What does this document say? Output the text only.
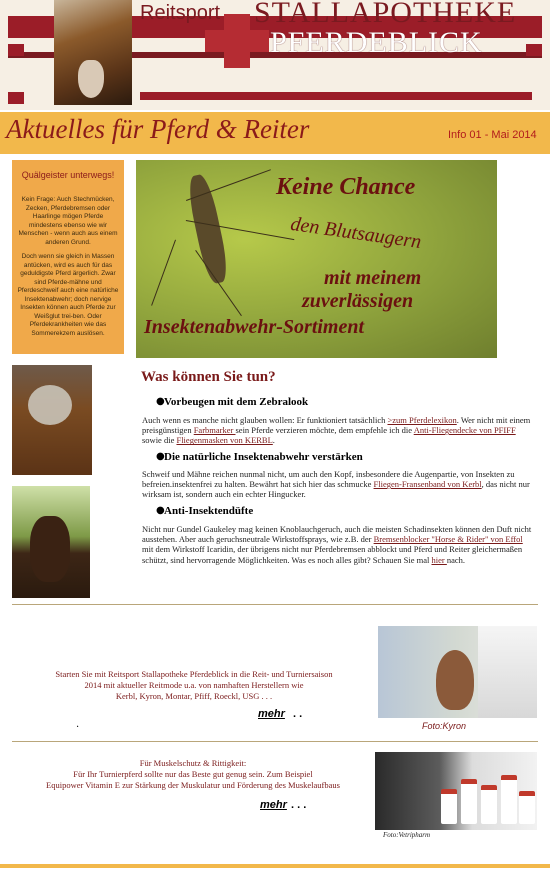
Reitsport STALLAPOTHEKE
PFERDEBLICK
Aktuelles für Pferd & Reiter	Info 01 - Mai 2014
Quälgeister unterwegs!
Kein Frage: Auch Stechmücken, Zecken, Pferdebremsen oder Haarlinge mögen Pferde mindestens ebenso wie wir Menschen - wenn auch aus einem anderen Grund.
Doch wenn sie gleich in Massen antücken, wird es auch für das geduldigste Pferd ärgerlich. Zwar sind Pferde-mähne und Pferdeschweif auch eine natürliche Insektenabwehr; doch nervige Insekten können auch Pferde zur Weißglut trei-ben. Oder Pferdekrankheiten wie das Sommerekzem auslösen.
Keine Chance
den Blutsaugern
mit meinem
zuverlässigen
Insektenabwehr-Sortiment
Was können Sie tun?
● Vorbeugen mit dem Zebralook
Auch wenn es manche nicht glauben wollen: Er funktioniert tatsächlich >zum Pferdelexikon. Wer nicht mit einem preisgünstigen Farbmarker sein Pferde verzieren möchte, dem empfehle ich die Anti-Fliegendecke von PFIFF sowie die Fliegenmasken von KERBL.
● Die natürliche Insektenabwehr verstärken
Schweif und Mähne reichen nunmal nicht, um auch den Kopf, insbesondere die Augenpartie, von Insekten zu befreien.insektenfrei zu halten. Bewährt hat sich hier das schmucke Fliegen-Fransenband von Kerbl, das nicht nur wirksam ist, sondern auch ein echter Hingucker.
● Anti-Insektendüfte
Nicht nur Gundel Gaukeley mag keinen Knoblauchgeruch, auch die meisten Schadinsekten können den Duft nicht ausstehen. Aber auch geruchsneutrale Wirkstoffsprays, wie z.B. der Bremsenblocker "Horse & Rider" von Effol mit dem Wirkstoff Icaridin, der übrigens nicht nur Pferdebremsen abblockt und Pferd und Reiter gleichermaßen schützt, sind hervorragende Möglichkeiten. Was es noch alles gibt? Schauen Sie mal hier nach.
Starten Sie mit Reitsport Stallapotheke Pferdeblick in die Reit- und Turniersaison
2014 mit aktueller Reitmode u.a. von namhaften Herstellern wie
Kerbl, Kyron, Montar, Pfiff, Roeckl, USG . . .
mehr . .
.	Foto:Kyron
Für Muskelschutz & Rittigkeit:
Für Ihr Turnierpferd sollte nur das Beste gut genug sein. Zum Beispiel
Equipower Vitamin E zur Stärkung der Muskulatur und Förderung des Muskelaufbaus
mehr . . .
Foto:Vetripharm
